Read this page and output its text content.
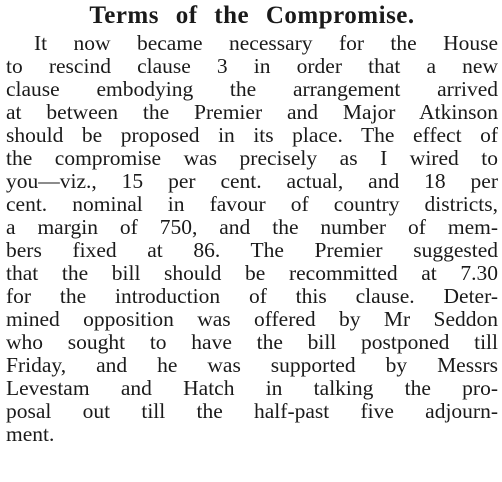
Terms of the Compromise.
It now became necessary for the House
to rescind clause 3 in order that a new
clause embodying the arrangement arrived
at between the Premier and Major Atkinson
should be proposed in its place. The effect of
the compromise was precisely as I wired to
you—viz., 15 per cent. actual, and 18 per
cent. nominal in favour of country districts,
a margin of 750, and the number of mem-
bers fixed at 86. The Premier suggested
that the bill should be recommitted at 7.30
for the introduction of this clause. Deter-
mined opposition was offered by Mr Seddon
who sought to have the bill postponed till
Friday, and he was supported by Messrs
Levestam and Hatch in talking the pro-
posal out till the half-past five adjourn-
ment.
